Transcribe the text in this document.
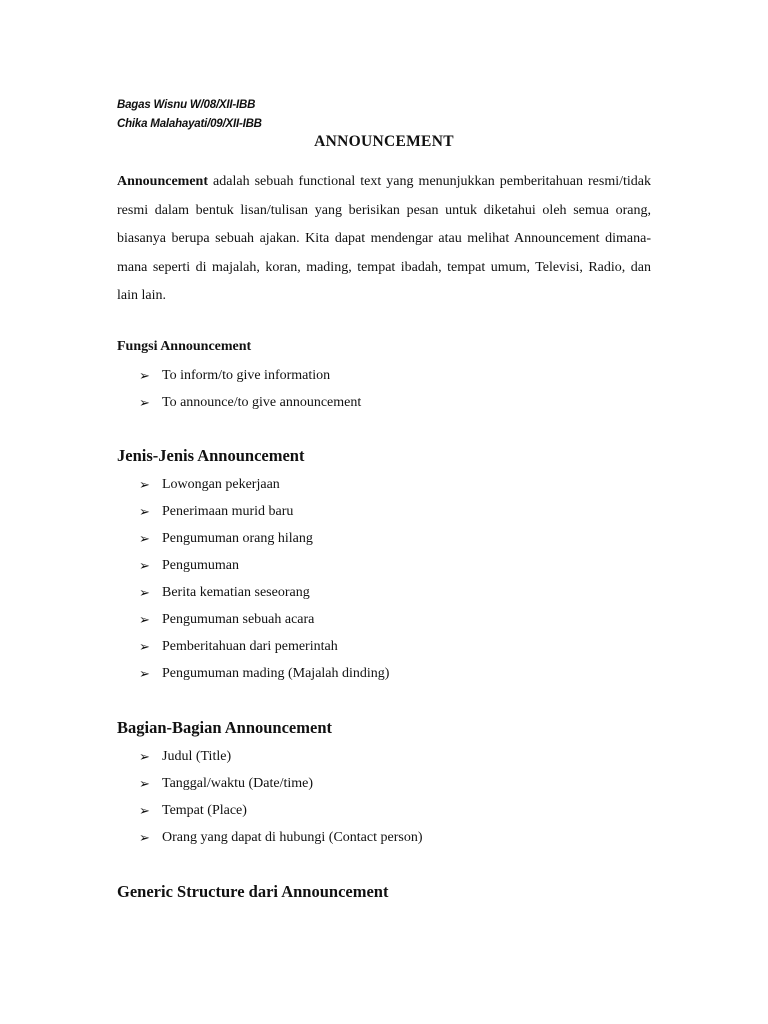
Bagas Wisnu W/08/XII-IBB
Chika Malahayati/09/XII-IBB
ANNOUNCEMENT
Announcement adalah sebuah functional text yang menunjukkan pemberitahuan resmi/tidak resmi dalam bentuk lisan/tulisan yang berisikan pesan untuk diketahui oleh semua orang, biasanya berupa sebuah ajakan. Kita dapat mendengar atau melihat Announcement dimana-mana seperti di majalah, koran, mading, tempat ibadah, tempat umum, Televisi, Radio, dan lain lain.
Fungsi Announcement
➢ To inform/to give information
➢ To announce/to give announcement
Jenis-Jenis Announcement
➢ Lowongan pekerjaan
➢ Penerimaan murid baru
➢ Pengumuman orang hilang
➢ Pengumuman
➢ Berita kematian seseorang
➢ Pengumuman sebuah acara
➢ Pemberitahuan dari pemerintah
➢ Pengumuman mading (Majalah dinding)
Bagian-Bagian Announcement
➢ Judul (Title)
➢ Tanggal/waktu (Date/time)
➢ Tempat (Place)
➢ Orang yang dapat di hubungi (Contact person)
Generic Structure dari Announcement
